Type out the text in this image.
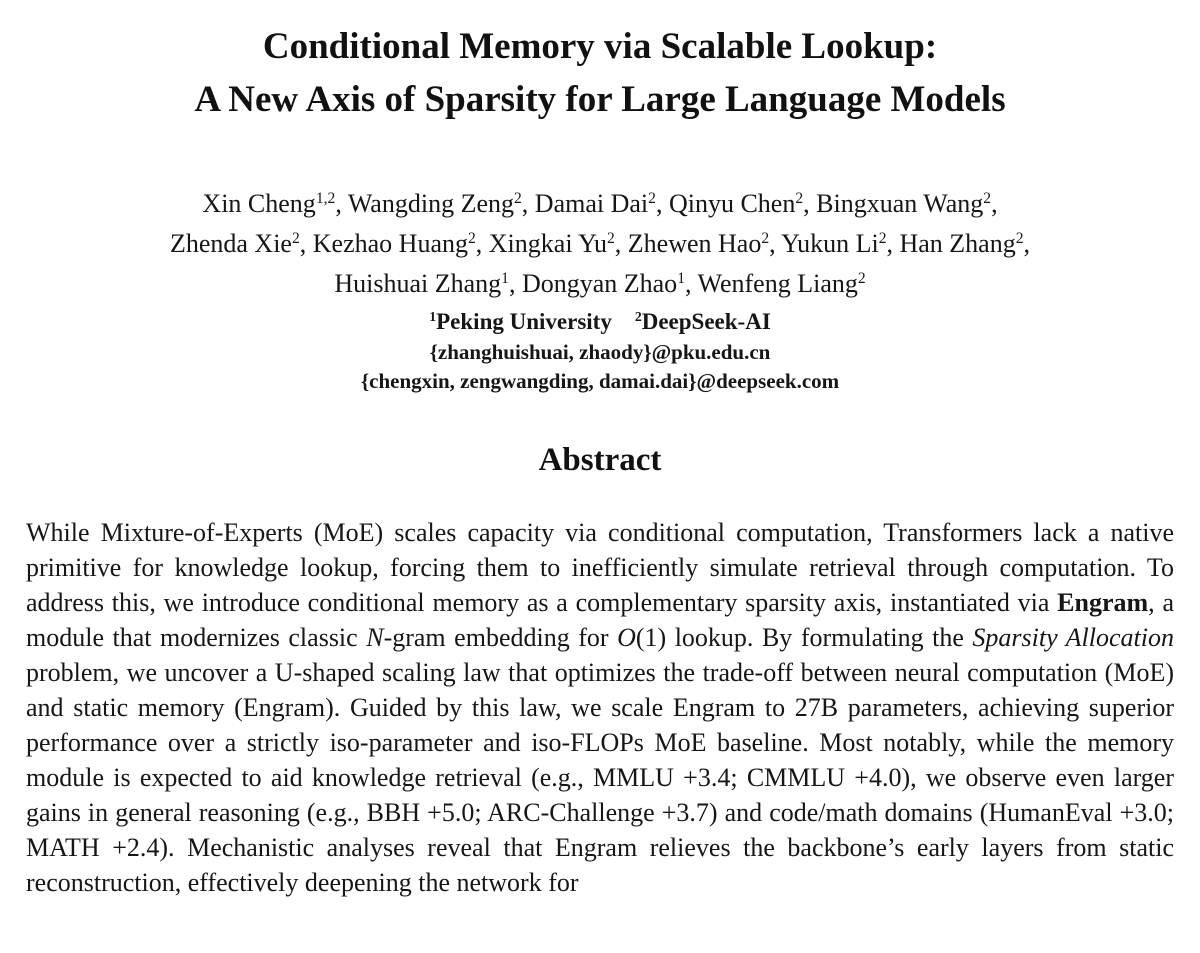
Conditional Memory via Scalable Lookup:
A New Axis of Sparsity for Large Language Models
Xin Cheng$^{1,2}$, Wangding Zeng$^2$, Damai Dai$^2$, Qinyu Chen$^2$, Bingxuan Wang$^2$,
Zhenda Xie$^2$, Kezhao Huang$^2$, Xingkai Yu$^2$, Zhewen Hao$^2$, Yukun Li$^2$, Han Zhang$^2$,
Huishuai Zhang$^1$, Dongyan Zhao$^1$, Wenfeng Liang$^2$
$^1$Peking University  $^2$DeepSeek-AI
{zhanghuishuai, zhaody}@pku.edu.cn
{chengxin, zengwangding, damai.dai}@deepseek.com
Abstract

While Mixture-of-Experts (MoE) scales capacity via conditional computation, Transformers lack a native primitive for knowledge lookup, forcing them to inefficiently simulate retrieval through computation. To address this, we introduce conditional memory as a complementary sparsity axis, instantiated via Engram, a module that modernizes classic N-gram embedding for O(1) lookup. By formulating the Sparsity Allocation problem, we uncover a U-shaped scaling law that optimizes the trade-off between neural computation (MoE) and static memory (Engram). Guided by this law, we scale Engram to 27B parameters, achieving superior performance over a strictly iso-parameter and iso-FLOPs MoE baseline. Most notably, while the memory module is expected to aid knowledge retrieval (e.g., MMLU +3.4; CMMLU +4.0), we observe even larger gains in general reasoning (e.g., BBH +5.0; ARC-Challenge +3.7) and code/math domains (HumanEval +3.0; MATH +2.4). Mechanistic analyses reveal that Engram relieves the backbone’s early layers from static reconstruction, effectively deepening the network for
